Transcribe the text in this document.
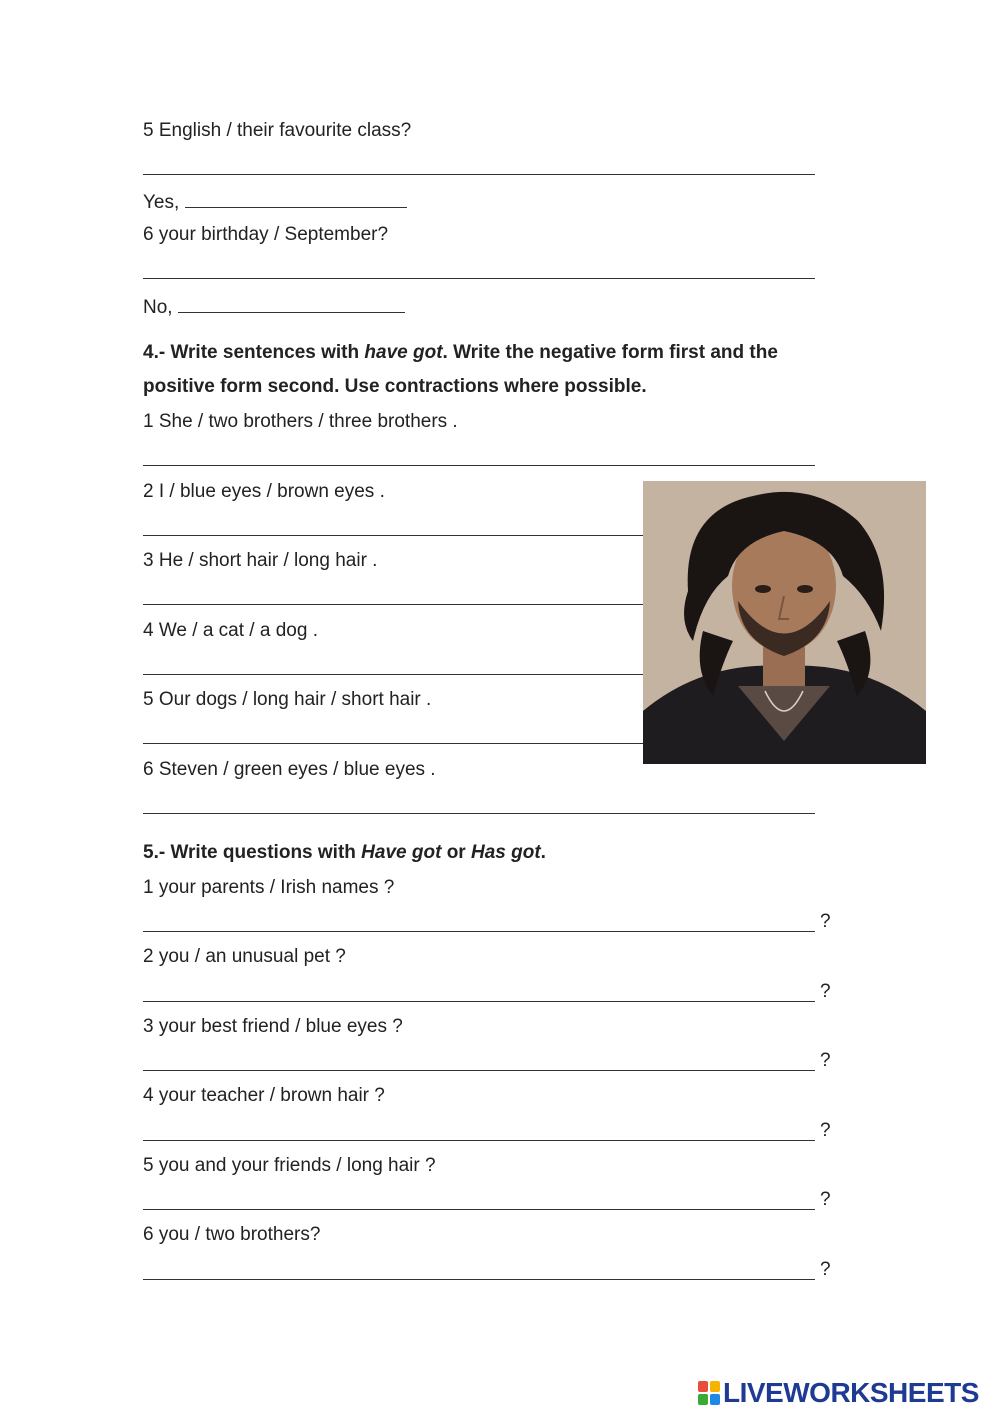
5 English / their favourite class?
Yes,
6 your birthday / September?
No,
4.- Write sentences with have got. Write the negative form first and the
positive form second. Use contractions where possible.
1 She / two brothers / three brothers .
2 I / blue eyes / brown eyes .
3 He / short hair / long hair .
4 We / a cat / a dog .
5 Our dogs / long hair / short hair .
6 Steven / green eyes / blue eyes .
5.- Write questions with Have got or Has got.
1 your parents / Irish names ?
?
2 you / an unusual pet ?
?
3 your best friend / blue eyes ?
?
4 your teacher / brown hair ?
?
5 you and your friends / long hair ?
?
6 you / two brothers?
?
LIVEWORKSHEETS
